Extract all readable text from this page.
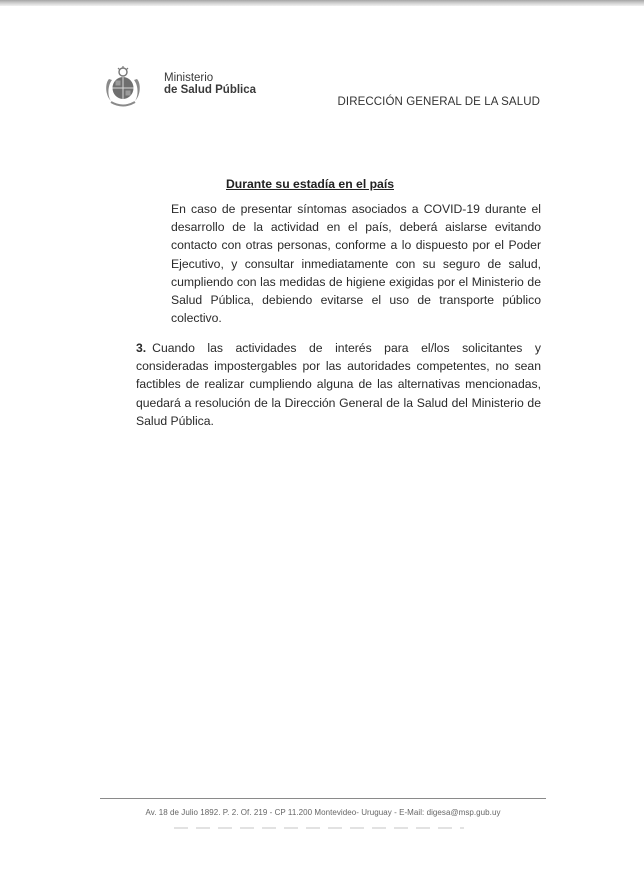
Ministerio
de Salud Pública
DIRECCIÓN GENERAL DE LA SALUD
Durante su estadía en el país
En caso de presentar síntomas asociados a COVID-19 durante el desarrollo de la actividad en el país, deberá aislarse evitando contacto con otras personas, conforme a lo dispuesto por el Poder Ejecutivo, y consultar inmediatamente con su seguro de salud, cumpliendo con las medidas de higiene exigidas por el Ministerio de Salud Pública, debiendo evitarse el uso de transporte público colectivo.
3. Cuando las actividades de interés para el/los solicitantes y consideradas impostergables por las autoridades competentes, no sean factibles de realizar cumpliendo alguna de las alternativas mencionadas, quedará a resolución de la Dirección General de la Salud del Ministerio de Salud Pública.
Av. 18 de Julio 1892. P. 2. Of. 219 - CP 11.200 Montevideo- Uruguay - E-Mail: digesa@msp.gub.uy
